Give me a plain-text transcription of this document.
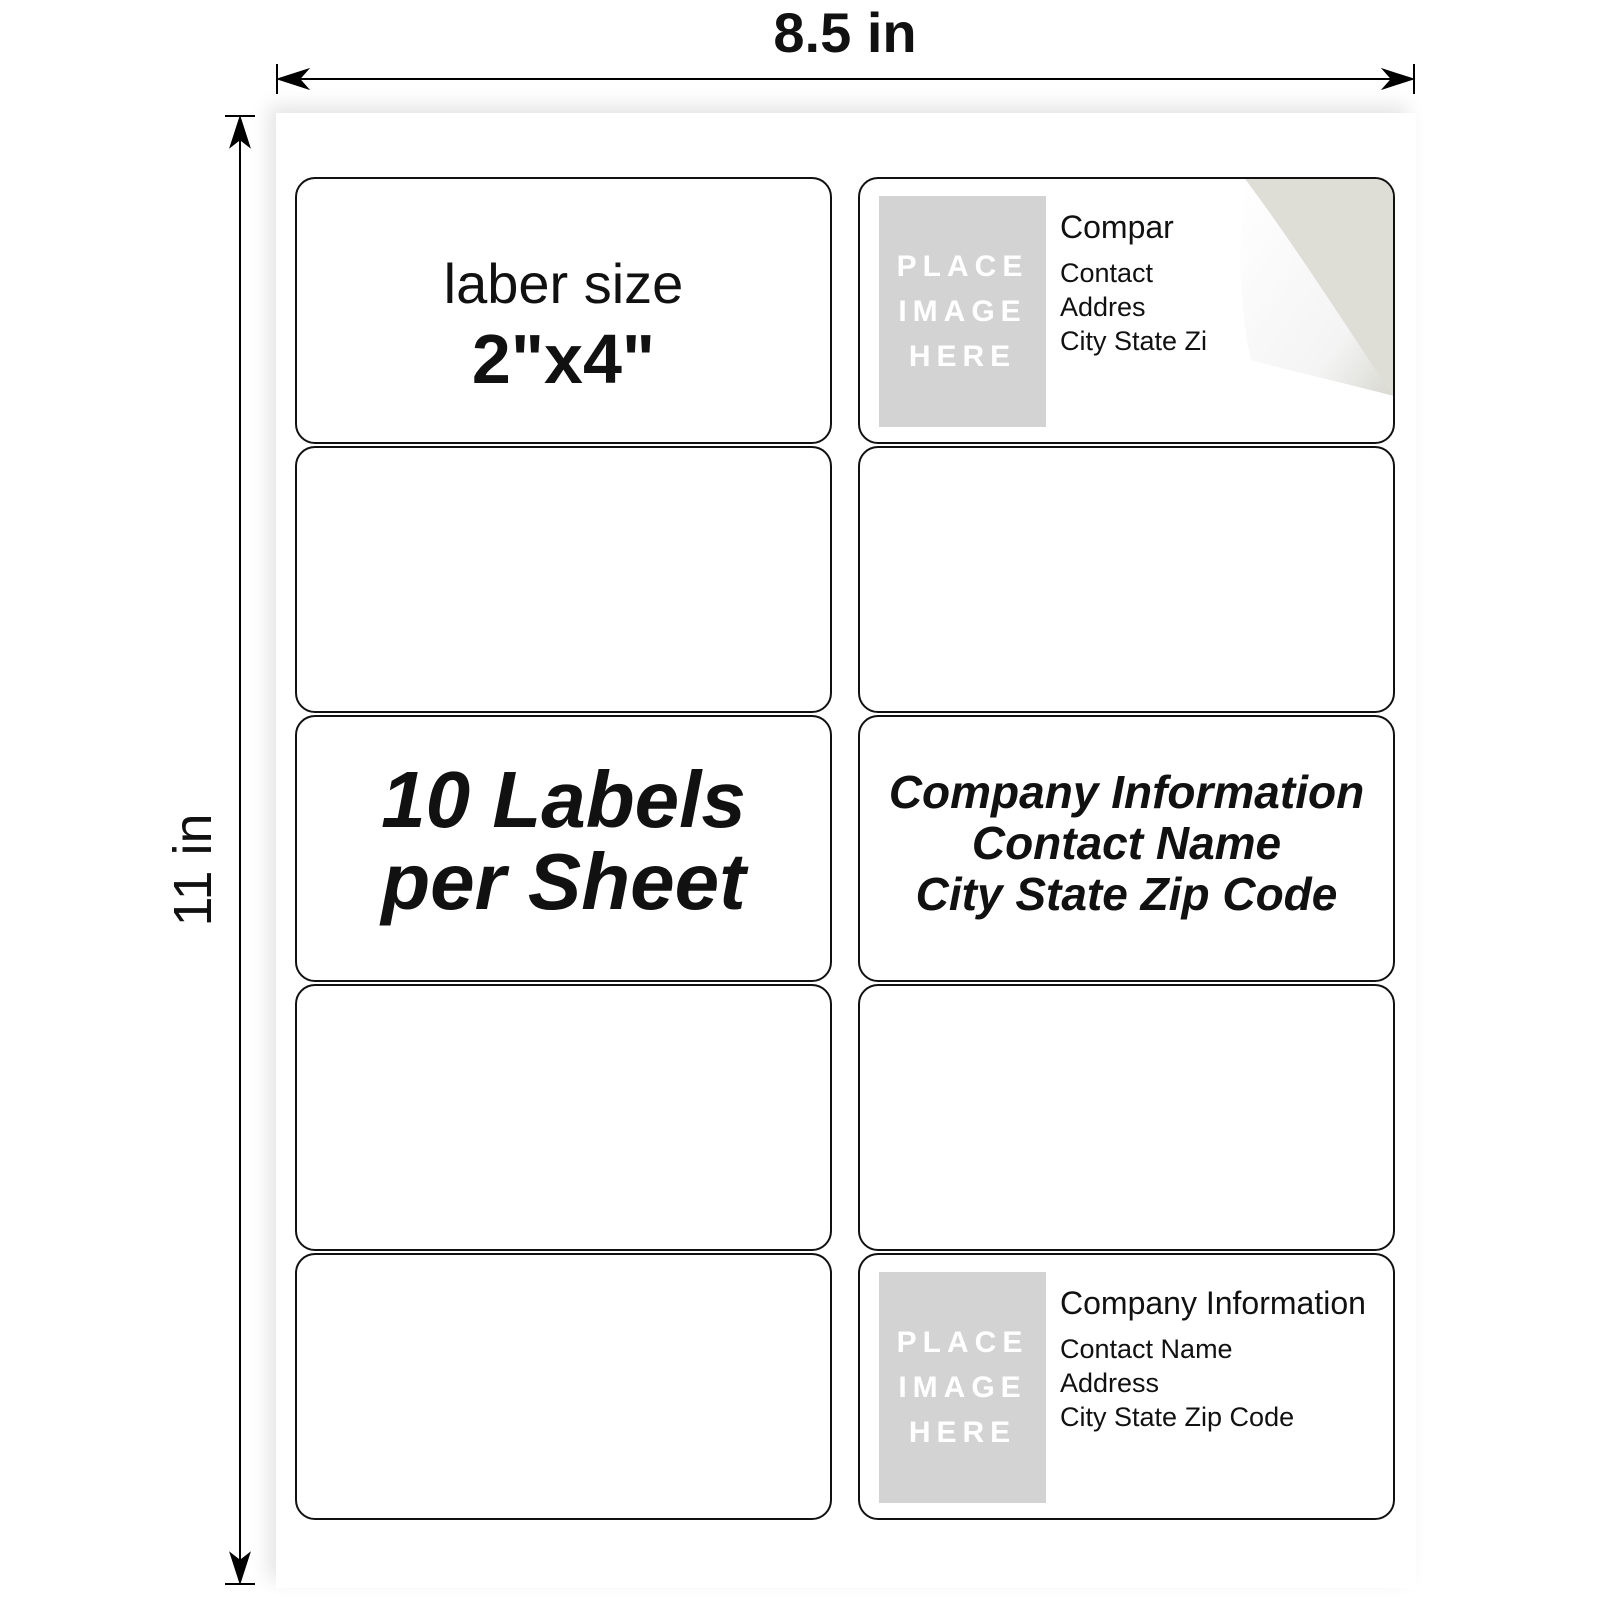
8.5 in
11 in
laber size
2"x4"
10 Labels
per Sheet
PLACE
IMAGE
HERE
Compar
Contact
Addres
City State Zi
Company Information
Contact Name
City State Zip Code
PLACE
IMAGE
HERE
Company Information
Contact Name
Address
City State Zip Code
